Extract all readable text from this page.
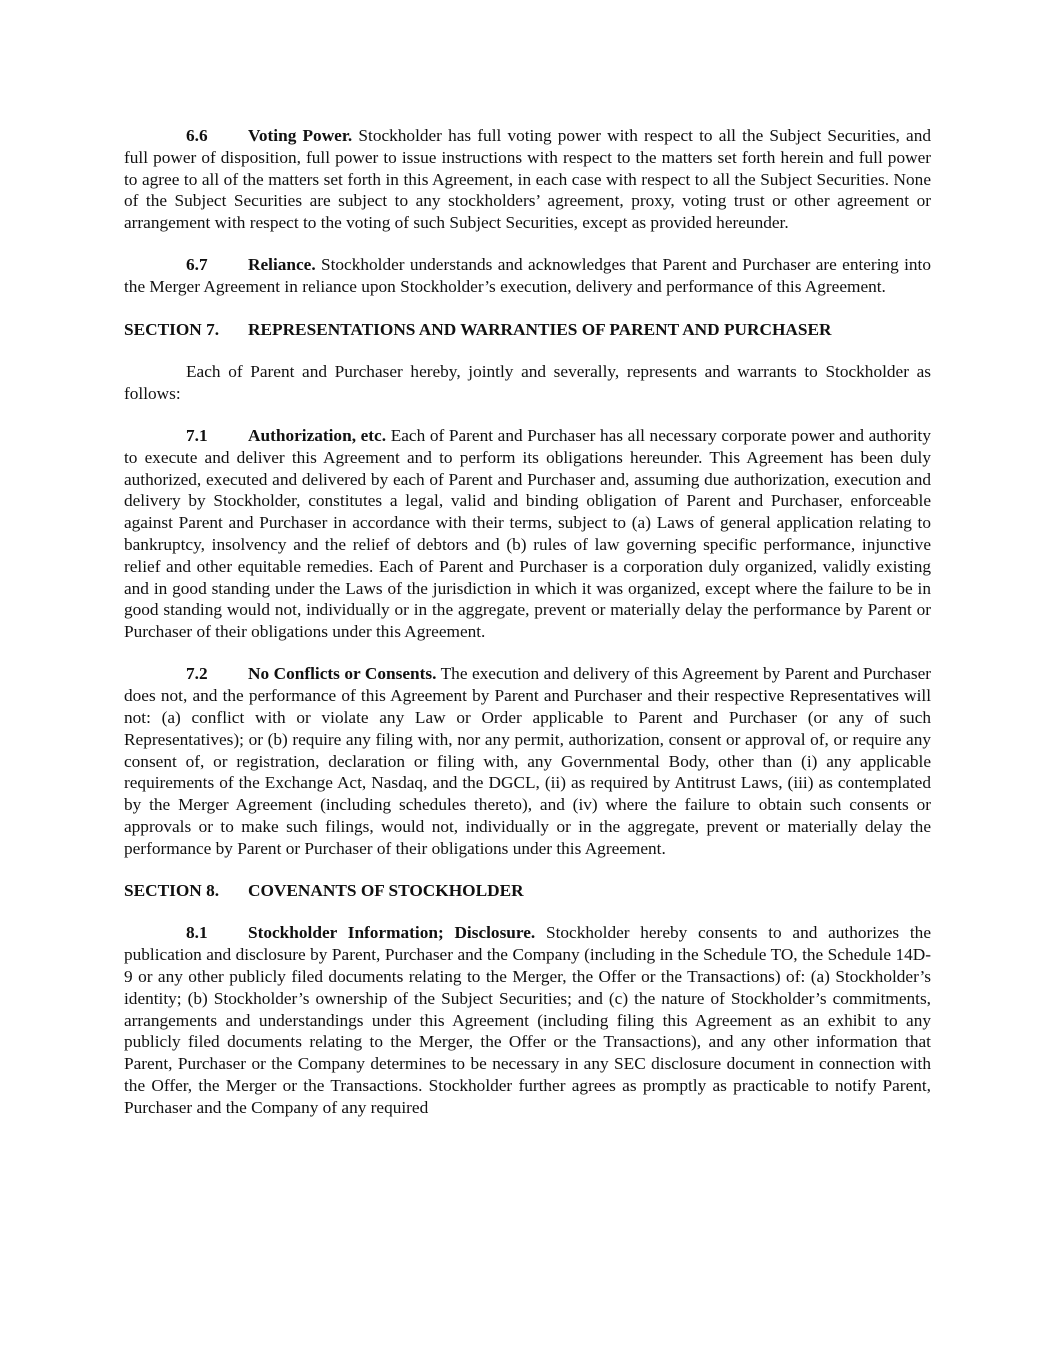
6.6 Voting Power. Stockholder has full voting power with respect to all the Subject Securities, and full power of disposition, full power to issue instructions with respect to the matters set forth herein and full power to agree to all of the matters set forth in this Agreement, in each case with respect to all the Subject Securities. None of the Subject Securities are subject to any stockholders’ agreement, proxy, voting trust or other agreement or arrangement with respect to the voting of such Subject Securities, except as provided hereunder.

6.7 Reliance. Stockholder understands and acknowledges that Parent and Purchaser are entering into the Merger Agreement in reliance upon Stockholder’s execution, delivery and performance of this Agreement.

SECTION 7. REPRESENTATIONS AND WARRANTIES OF PARENT AND PURCHASER

Each of Parent and Purchaser hereby, jointly and severally, represents and warrants to Stockholder as follows:

7.1 Authorization, etc. Each of Parent and Purchaser has all necessary corporate power and authority to execute and deliver this Agreement and to perform its obligations hereunder. This Agreement has been duly authorized, executed and delivered by each of Parent and Purchaser and, assuming due authorization, execution and delivery by Stockholder, constitutes a legal, valid and binding obligation of Parent and Purchaser, enforceable against Parent and Purchaser in accordance with their terms, subject to (a) Laws of general application relating to bankruptcy, insolvency and the relief of debtors and (b) rules of law governing specific performance, injunctive relief and other equitable remedies. Each of Parent and Purchaser is a corporation duly organized, validly existing and in good standing under the Laws of the jurisdiction in which it was organized, except where the failure to be in good standing would not, individually or in the aggregate, prevent or materially delay the performance by Parent or Purchaser of their obligations under this Agreement.

7.2 No Conflicts or Consents. The execution and delivery of this Agreement by Parent and Purchaser does not, and the performance of this Agreement by Parent and Purchaser and their respective Representatives will not: (a) conflict with or violate any Law or Order applicable to Parent and Purchaser (or any of such Representatives); or (b) require any filing with, nor any permit, authorization, consent or approval of, or require any consent of, or registration, declaration or filing with, any Governmental Body, other than (i) any applicable requirements of the Exchange Act, Nasdaq, and the DGCL, (ii) as required by Antitrust Laws, (iii) as contemplated by the Merger Agreement (including schedules thereto), and (iv) where the failure to obtain such consents or approvals or to make such filings, would not, individually or in the aggregate, prevent or materially delay the performance by Parent or Purchaser of their obligations under this Agreement.

SECTION 8. COVENANTS OF STOCKHOLDER

8.1 Stockholder Information; Disclosure. Stockholder hereby consents to and authorizes the publication and disclosure by Parent, Purchaser and the Company (including in the Schedule TO, the Schedule 14D-9 or any other publicly filed documents relating to the Merger, the Offer or the Transactions) of: (a) Stockholder’s identity; (b) Stockholder’s ownership of the Subject Securities; and (c) the nature of Stockholder’s commitments, arrangements and understandings under this Agreement (including filing this Agreement as an exhibit to any publicly filed documents relating to the Merger, the Offer or the Transactions), and any other information that Parent, Purchaser or the Company determines to be necessary in any SEC disclosure document in connection with the Offer, the Merger or the Transactions. Stockholder further agrees as promptly as practicable to notify Parent, Purchaser and the Company of any required
